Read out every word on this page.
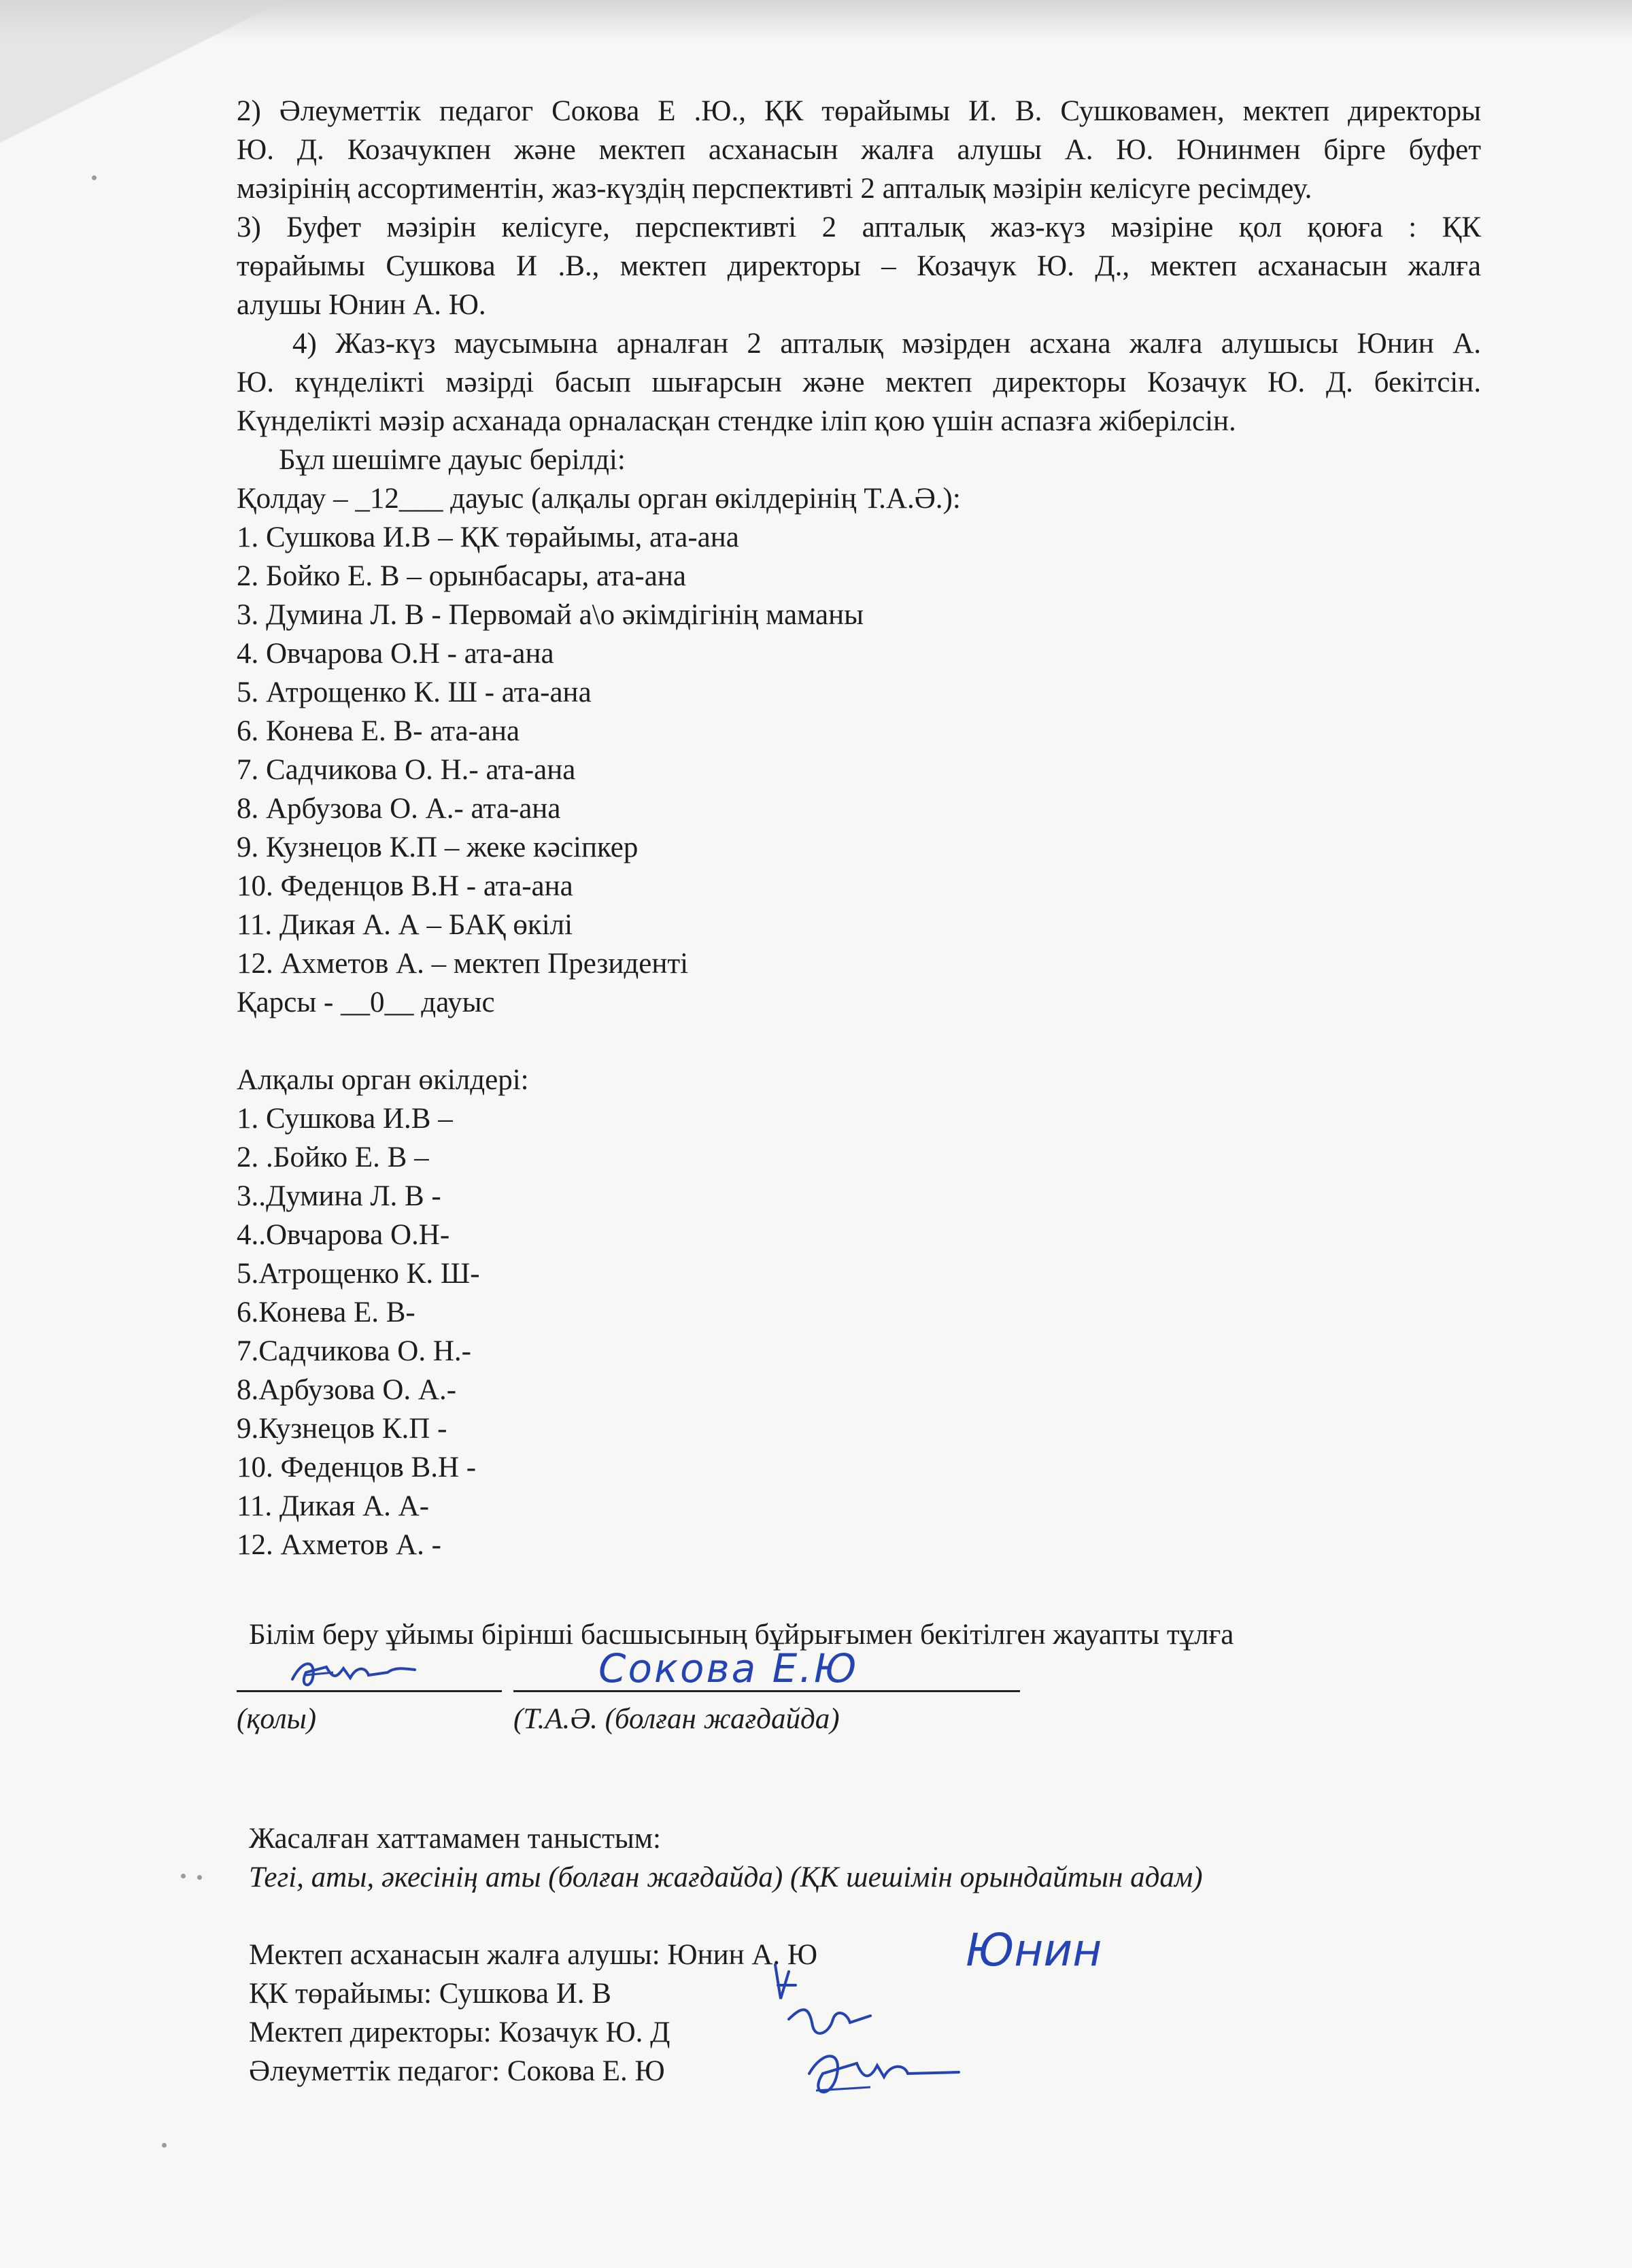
2) Әлеуметтік педагог Сокова Е .Ю., ҚК төрайымы И. В. Сушковамен, мектеп директоры
Ю. Д. Козачукпен және мектеп асханасын жалға алушы А. Ю. Юнинмен бірге буфет
мәзірінің ассортиментін, жаз-күздің перспективті 2 апталық мәзірін келісуге ресімдеу.
3) Буфет мәзірін келісуге, перспективті 2 апталық жаз-күз мәзіріне қол қоюға : ҚК
төрайымы Сушкова И .В., мектеп директоры – Козачук Ю. Д., мектеп асханасын жалға
алушы Юнин А. Ю.
4) Жаз-күз маусымына арналған 2 апталық мәзірден асхана жалға алушысы Юнин А.
Ю. күнделікті мәзірді басып шығарсын және мектеп директоры Козачук Ю. Д. бекітсін.
Күнделікті мәзір асханада орналасқан стендке іліп қою үшін аспазға жіберілсін.
Бұл шешімге дауыс берілді:
Қолдау – _12___ дауыс (алқалы орган өкілдерінің Т.А.Ә.):
1. Сушкова И.В – ҚК төрайымы, ата-ана
2. Бойко Е. В – орынбасары, ата-ана
3. Думина Л. В - Первомай а\о әкімдігінің маманы
4. Овчарова О.Н - ата-ана
5. Атрощенко К. Ш - ата-ана
6. Конева Е. В- ата-ана
7. Садчикова О. Н.- ата-ана
8. Арбузова О. А.- ата-ана
9. Кузнецов К.П – жеке кәсіпкер
10. Феденцов В.Н - ата-ана
11. Дикая А. А – БАҚ өкілі
12. Ахметов А. – мектеп Президенті
Қарсы - __0__ дауыс
Алқалы орган өкілдері:
1. Сушкова И.В –
2. .Бойко Е. В –
3..Думина Л. В -
4..Овчарова О.Н-
5.Атрощенко К. Ш-
6.Конева Е. В-
7.Садчикова О. Н.-
8.Арбузова О. А.-
9.Кузнецов К.П -
10. Феденцов В.Н -
11. Дикая А. А-
12. Ахметов А. -
Білім беру ұйымы бірінші басшысының бұйрығымен бекітілген жауапты тұлға
Сокова Е.Ю
(қолы)	(Т.А.Ә. (болған жағдайда)
Жасалған хаттамамен таныстым:
Тегі, аты, әкесінің аты (болған жағдайда) (ҚК шешімін орындайтын адам)
Мектеп асханасын жалға алушы: Юнин А. Ю
ҚК төрайымы: Сушкова И. В
Мектеп директоры: Козачук Ю. Д
Әлеуметтік педагог: Сокова Е. Ю
Юнин
